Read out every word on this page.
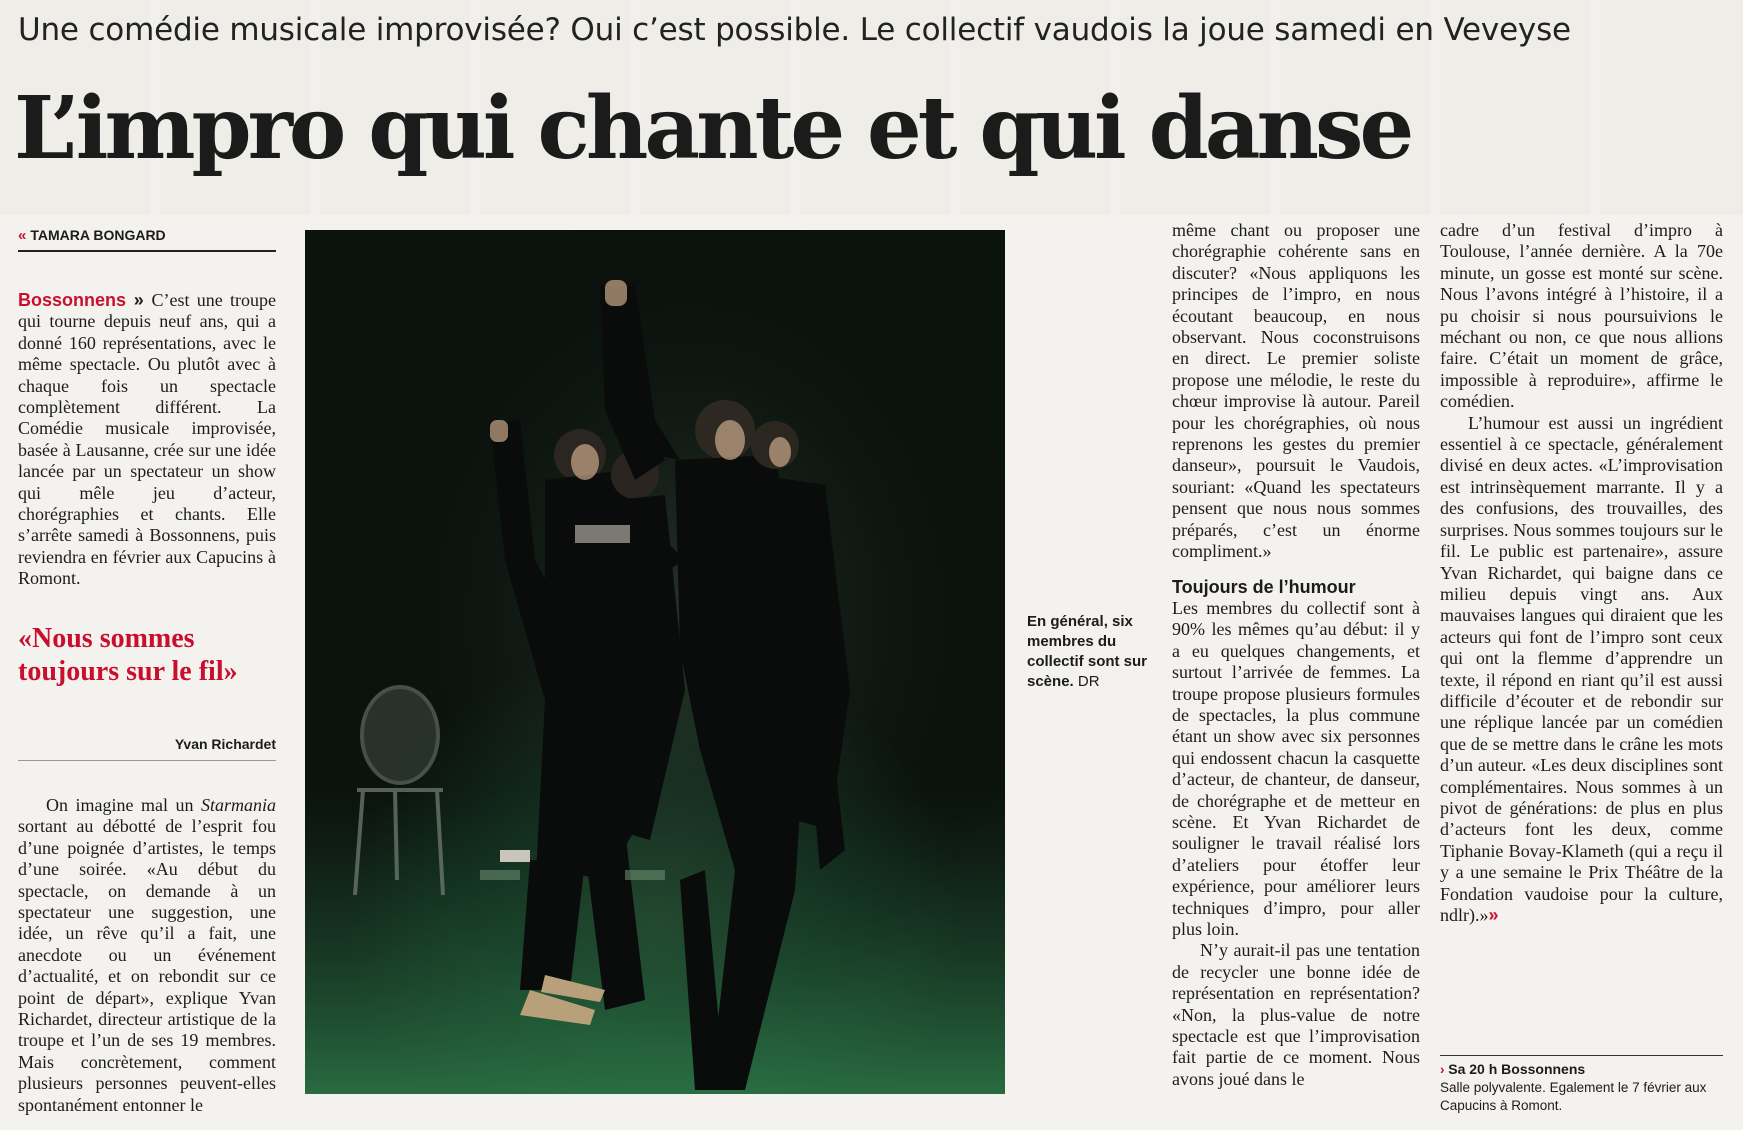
Une comédie musicale improvisée? Oui c’est possible. Le collectif vaudois la joue samedi en Veveyse
L’impro qui chante et qui danse
« TAMARA BONGARD

Bossonnens » C’est une troupe qui tourne depuis neuf ans, qui a donné 160 représentations, avec le même spectacle. Ou plutôt avec à chaque fois un spectacle complètement différent. La Comédie musicale improvisée, basée à Lausanne, crée sur une idée lancée par un spectateur un show qui mêle jeu d’acteur, chorégraphies et chants. Elle s’arrête samedi à Bossonnens, puis reviendra en février aux Capucins à Romont.

«Nous sommes toujours sur le fil»
Yvan Richardet

On imagine mal un Starmania sortant au débotté de l’esprit fou d’une poignée d’artistes, le temps d’une soirée. «Au début du spectacle, on demande à un spectateur une suggestion, une idée, un rêve qu’il a fait, une anecdote ou un événement d’actualité, et on rebondit sur ce point de départ», explique Yvan Richardet, directeur artistique de la troupe et l’un de ses 19 membres. Mais concrètement, comment plusieurs personnes peuvent-elles spontanément entonner le

En général, six membres du collectif sont sur scène. DR

même chant ou proposer une chorégraphie cohérente sans en discuter? «Nous appliquons les principes de l’impro, en nous écoutant beaucoup, en nous observant. Nous coconstruisons en direct. Le premier soliste propose une mélodie, le reste du chœur improvise là autour. Pareil pour les chorégraphies, où nous reprenons les gestes du premier danseur», poursuit le Vaudois, souriant: «Quand les spectateurs pensent que nous nous sommes préparés, c’est un énorme compliment.»

Toujours de l’humour

Les membres du collectif sont à 90% les mêmes qu’au début: il y a eu quelques changements, et surtout l’arrivée de femmes. La troupe propose plusieurs formules de spectacles, la plus commune étant un show avec six personnes qui endossent chacun la casquette d’acteur, de chanteur, de danseur, de chorégraphe et de metteur en scène. Et Yvan Richardet de souligner le travail réalisé lors d’ateliers pour étoffer leur expérience, pour améliorer leurs techniques d’impro, pour aller plus loin.

N’y aurait-il pas une tentation de recycler une bonne idée de représentation en représentation? «Non, la plus-value de notre spectacle est que l’improvisation fait partie de ce moment. Nous avons joué dans le

cadre d’un festival d’impro à Toulouse, l’année dernière. A la 70e minute, un gosse est monté sur scène. Nous l’avons intégré à l’histoire, il a pu choisir si nous poursuivions le méchant ou non, ce que nous allions faire. C’était un moment de grâce, impossible à reproduire», affirme le comédien.

L’humour est aussi un ingrédient essentiel à ce spectacle, généralement divisé en deux actes. «L’improvisation est intrinsèquement marrante. Il y a des confusions, des trouvailles, des surprises. Nous sommes toujours sur le fil. Le public est partenaire», assure Yvan Richardet, qui baigne dans ce milieu depuis vingt ans. Aux mauvaises langues qui diraient que les acteurs qui font de l’impro sont ceux qui ont la flemme d’apprendre un texte, il répond en riant qu’il est aussi difficile d’écouter et de rebondir sur une réplique lancée par un comédien que de se mettre dans le crâne les mots d’un auteur. «Les deux disciplines sont complémentaires. Nous sommes à un pivot de générations: de plus en plus d’acteurs font les deux, comme Tiphanie Bovay-Klameth (qui a reçu il y a une semaine le Prix Théâtre de la Fondation vaudoise pour la culture, ndlr).»»

› Sa 20 h Bossonnens
Salle polyvalente. Egalement le 7 février aux Capucins à Romont.
